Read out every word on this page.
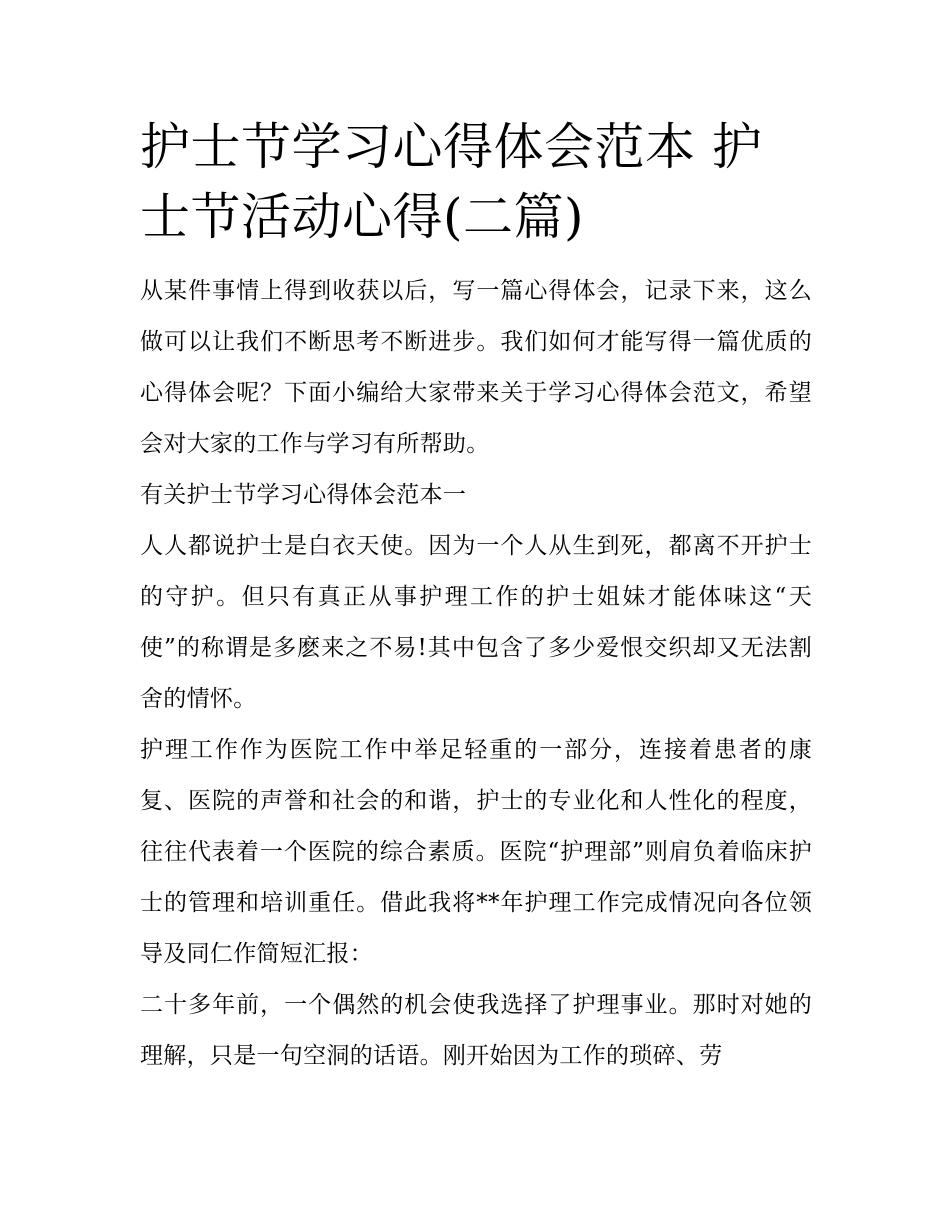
护士节学习心得体会范本 护士节活动心得(二篇)

从某件事情上得到收获以后，写一篇心得体会，记录下来，这么做可以让我们不断思考不断进步。我们如何才能写得一篇优质的心得体会呢？下面小编给大家带来关于学习心得体会范文，希望会对大家的工作与学习有所帮助。

有关护士节学习心得体会范本一

人人都说护士是白衣天使。因为一个人从生到死，都离不开护士的守护。但只有真正从事护理工作的护士姐妹才能体味这“天使”的称谓是多麽来之不易!其中包含了多少爱恨交织却又无法割舍的情怀。

护理工作作为医院工作中举足轻重的一部分，连接着患者的康复、医院的声誉和社会的和谐，护士的专业化和人性化的程度，往往代表着一个医院的综合素质。医院“护理部”则肩负着临床护士的管理和培训重任。借此我将**年护理工作完成情况向各位领导及同仁作简短汇报：

二十多年前，一个偶然的机会使我选择了护理事业。那时对她的理解，只是一句空洞的话语。刚开始因为工作的琐碎、劳
